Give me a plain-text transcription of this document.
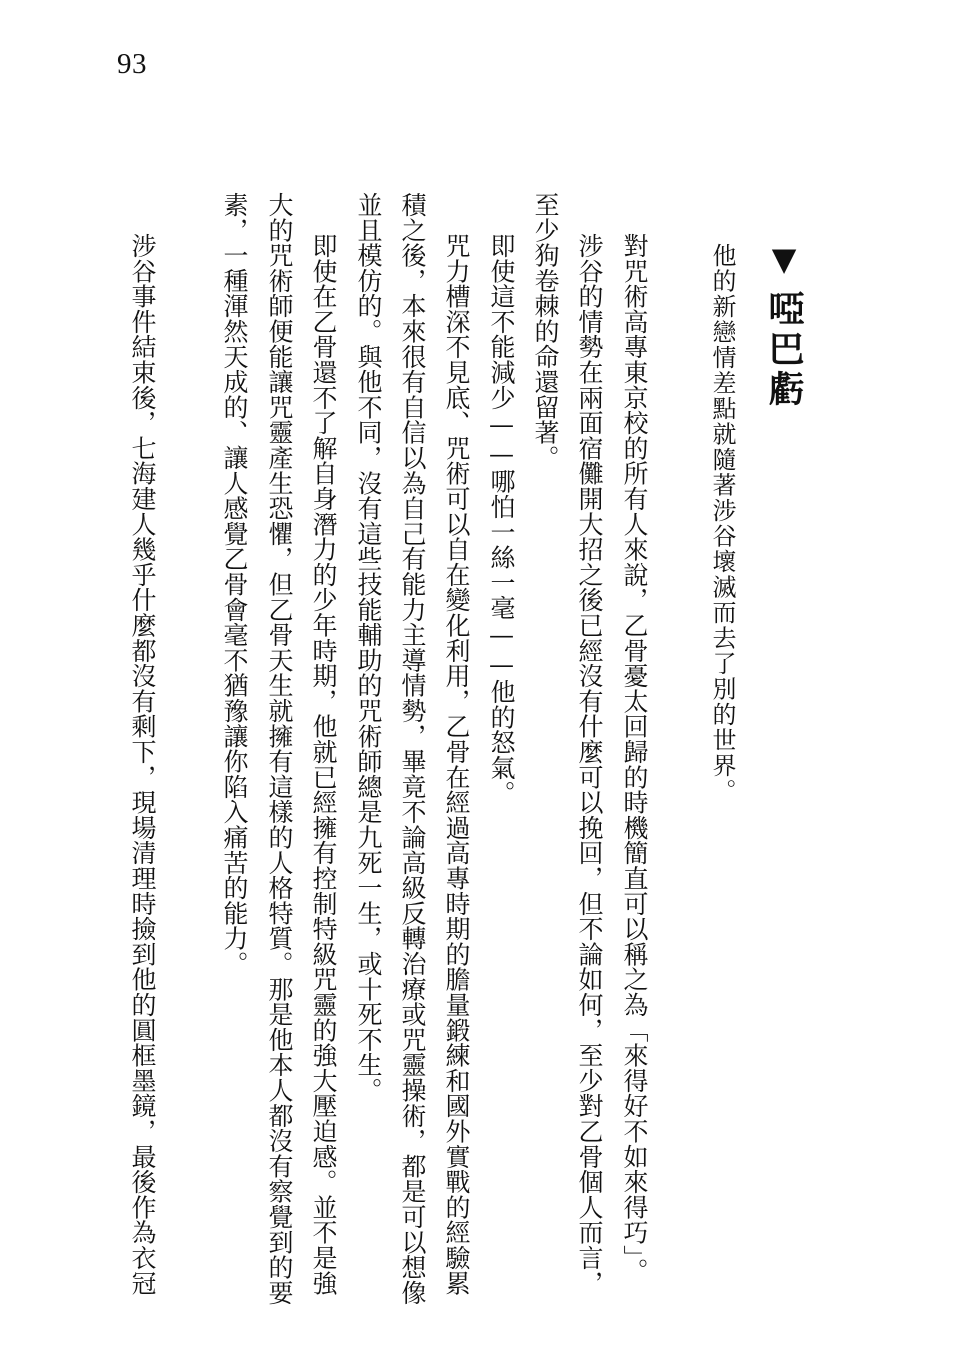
93
▼啞巴虧
他的新戀情差點就隨著涉谷壞滅而去了別的世界。
對咒術高專東京校的所有人來說，乙骨憂太回歸的時機簡直可以稱之為「來得好不如來得巧」。
涉谷的情勢在兩面宿儺開大招之後已經沒有什麼可以挽回，但不論如何，至少對乙骨個人而言，
至少狗卷棘的命還留著。
即使這不能減少——哪怕一絲一毫——他的怒氣。
咒力槽深不見底、咒術可以自在變化利用，乙骨在經過高專時期的膽量鍛練和國外實戰的經驗累
積之後，本來很有自信以為自己有能力主導情勢，畢竟不論高級反轉治療或咒靈操術，都是可以想像
並且模仿的。與他不同，沒有這些技能輔助的咒術師總是九死一生，或十死不生。
即使在乙骨還不了解自身潛力的少年時期，他就已經擁有控制特級咒靈的強大壓迫感。並不是強
大的咒術師便能讓咒靈產生恐懼，但乙骨天生就擁有這樣的人格特質。那是他本人都沒有察覺到的要
素，一種渾然天成的、讓人感覺乙骨會毫不猶豫讓你陷入痛苦的能力。
涉谷事件結束後，七海建人幾乎什麼都沒有剩下，現場清理時撿到他的圓框墨鏡，最後作為衣冠
